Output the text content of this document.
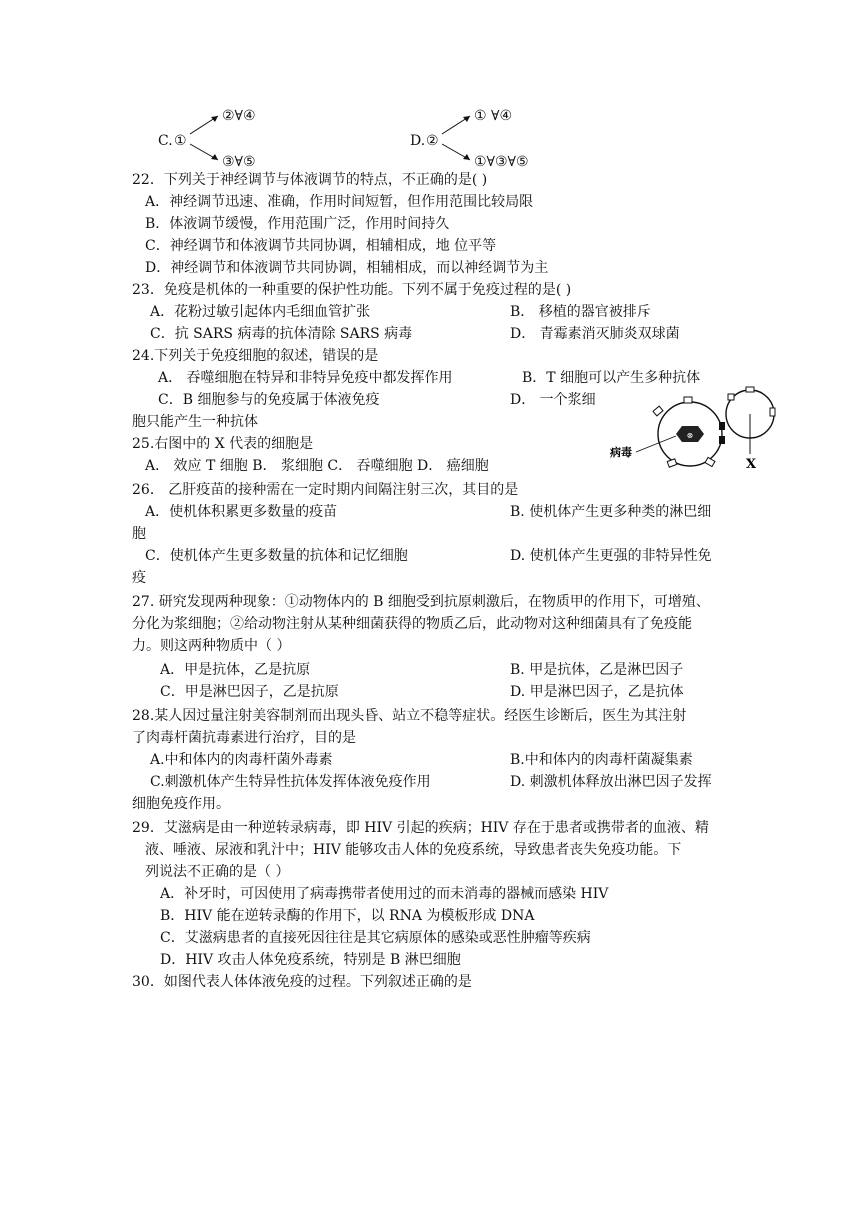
C. ①
②∀④
③∀⑤
D. ②
① ∀④
①∀③∀⑤
22．下列关于神经调节与体液调节的特点，不正确的是( )
A．神经调节迅速、准确，作用时间短暂，但作用范围比较局限
B．体液调节缓慢，作用范围广泛，作用时间持久
C．神经调节和体液调节共同协调，相辅相成，地 位平等
D．神经调节和体液调节共同协调，相辅相成，而以神经调节为主
23．免疫是机体的一种重要的保护性功能。下列不属于免疫过程的是( )
A．花粉过敏引起体内毛细血管扩张	B． 移植的器官被排斥
C．抗 SARS 病毒的抗体清除 SARS 病毒	D． 青霉素消灭肺炎双球菌
24.下列关于免疫细胞的叙述，错误的是
A． 吞噬细胞在特异和非特异免疫中都发挥作用	B．T 细胞可以产生多种抗体
C．B 细胞参与的免疫属于体液免疫	D． 一个浆细
胞只能产生一种抗体
⊗
X
病毒
25.右图中的 X 代表的细胞是
A． 效应 T 细胞 B． 浆细胞 C． 吞噬细胞 D． 癌细胞
26． 乙肝疫苗的接种需在一定时期内间隔注射三次，其目的是
A．使机体积累更多数量的疫苗	B. 使机体产生更多种类的淋巴细
胞
C．使机体产生更多数量的抗体和记忆细胞	D. 使机体产生更强的非特异性免
疫
27. 研究发现两种现象：①动物体内的 B 细胞受到抗原刺激后，在物质甲的作用下，可增殖、
分化为浆细胞；②给动物注射从某种细菌获得的物质乙后，此动物对这种细菌具有了免疫能
力。则这两种物质中（ ）
A．甲是抗体，乙是抗原	B. 甲是抗体，乙是淋巴因子
C．甲是淋巴因子，乙是抗原	D. 甲是淋巴因子，乙是抗体
28.某人因过量注射美容制剂而出现头昏、站立不稳等症状。经医生诊断后，医生为其注射
了肉毒杆菌抗毒素进行治疗，目的是
A.中和体内的肉毒杆菌外毒素	B.中和体内的肉毒杆菌凝集素
C.刺激机体产生特异性抗体发挥体液免疫作用	D. 刺激机体释放出淋巴因子发挥
细胞免疫作用。
29．艾滋病是由一种逆转录病毒，即 HIV 引起的疾病；HIV 存在于患者或携带者的血液、精
液、唾液、尿液和乳汁中；HIV 能够攻击人体的免疫系统，导致患者丧失免疫功能。下
列说法不正确的是（ ）
A．补牙时，可因使用了病毒携带者使用过的而未消毒的器械而感染 HIV
B．HIV 能在逆转录酶的作用下，以 RNA 为模板形成 DNA
C．艾滋病患者的直接死因往往是其它病原体的感染或恶性肿瘤等疾病
D．HIV 攻击人体免疫系统，特别是 B 淋巴细胞
30．如图代表人体体液免疫的过程。下列叙述正确的是
